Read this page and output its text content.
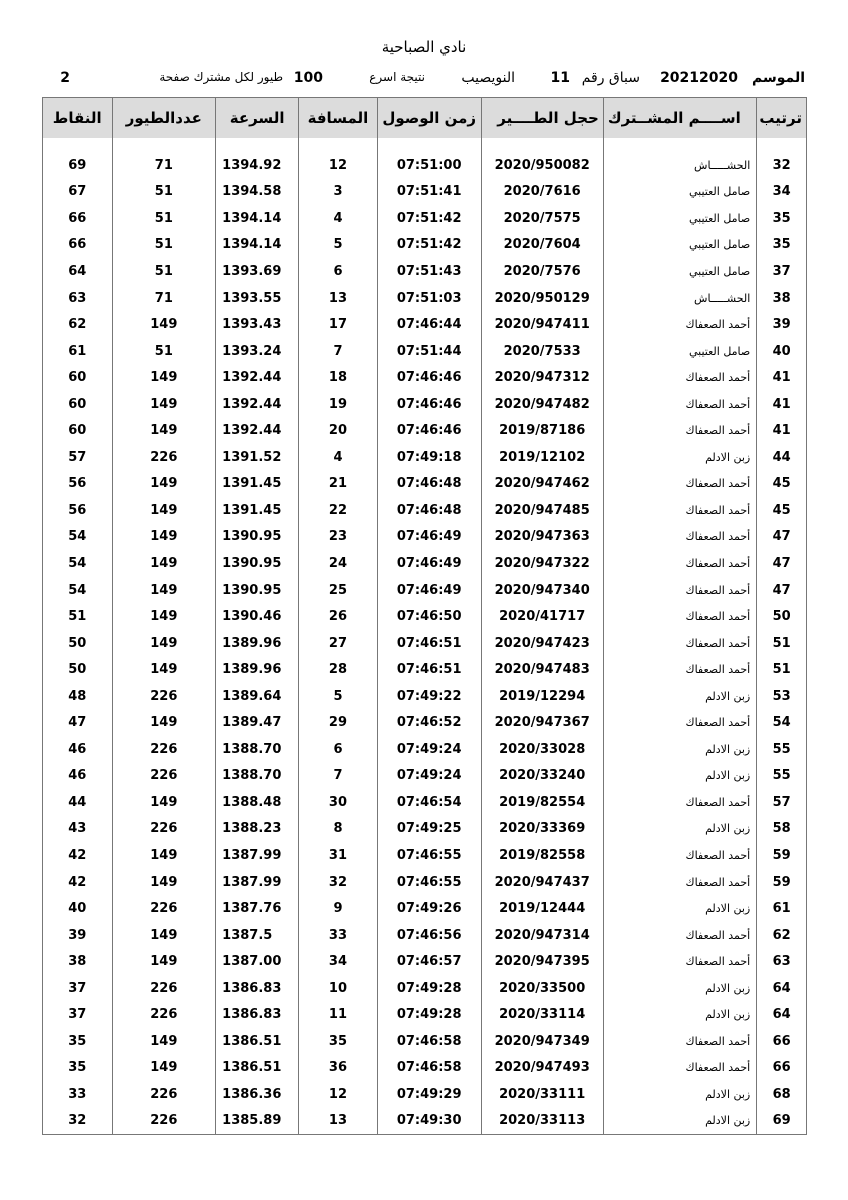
نادي الصباحية
الموسم
20212020
سباق رقم
11
النويصيب
نتيجة اسرع
100
طيور لكل مشترك صفحة
2
ترتيب	اســــم المشــترك	حجل الطــــير	زمن الوصول	المسافة	السرعة	عددالطيور	النقاط

32	الحشـــــاش	2020/950082	07:51:00	12	1394.92	71	69
34	صامل العتيبي	2020/7616	07:51:41	3	1394.58	51	67
35	صامل العتيبي	2020/7575	07:51:42	4	1394.14	51	66
35	صامل العتيبي	2020/7604	07:51:42	5	1394.14	51	66
37	صامل العتيبي	2020/7576	07:51:43	6	1393.69	51	64
38	الحشـــــاش	2020/950129	07:51:03	13	1393.55	71	63
39	أحمد الصعفاك	2020/947411	07:46:44	17	1393.43	149	62
40	صامل العتيبي	2020/7533	07:51:44	7	1393.24	51	61
41	أحمد الصعفاك	2020/947312	07:46:46	18	1392.44	149	60
41	أحمد الصعفاك	2020/947482	07:46:46	19	1392.44	149	60
41	أحمد الصعفاك	2019/87186	07:46:46	20	1392.44	149	60
44	زبن الادلم	2019/12102	07:49:18	4	1391.52	226	57
45	أحمد الصعفاك	2020/947462	07:46:48	21	1391.45	149	56
45	أحمد الصعفاك	2020/947485	07:46:48	22	1391.45	149	56
47	أحمد الصعفاك	2020/947363	07:46:49	23	1390.95	149	54
47	أحمد الصعفاك	2020/947322	07:46:49	24	1390.95	149	54
47	أحمد الصعفاك	2020/947340	07:46:49	25	1390.95	149	54
50	أحمد الصعفاك	2020/41717	07:46:50	26	1390.46	149	51
51	أحمد الصعفاك	2020/947423	07:46:51	27	1389.96	149	50
51	أحمد الصعفاك	2020/947483	07:46:51	28	1389.96	149	50
53	زبن الادلم	2019/12294	07:49:22	5	1389.64	226	48
54	أحمد الصعفاك	2020/947367	07:46:52	29	1389.47	149	47
55	زبن الادلم	2020/33028	07:49:24	6	1388.70	226	46
55	زبن الادلم	2020/33240	07:49:24	7	1388.70	226	46
57	أحمد الصعفاك	2019/82554	07:46:54	30	1388.48	149	44
58	زبن الادلم	2020/33369	07:49:25	8	1388.23	226	43
59	أحمد الصعفاك	2019/82558	07:46:55	31	1387.99	149	42
59	أحمد الصعفاك	2020/947437	07:46:55	32	1387.99	149	42
61	زبن الادلم	2019/12444	07:49:26	9	1387.76	226	40
62	أحمد الصعفاك	2020/947314	07:46:56	33	1387.5	149	39
63	أحمد الصعفاك	2020/947395	07:46:57	34	1387.00	149	38
64	زبن الادلم	2020/33500	07:49:28	10	1386.83	226	37
64	زبن الادلم	2020/33114	07:49:28	11	1386.83	226	37
66	أحمد الصعفاك	2020/947349	07:46:58	35	1386.51	149	35
66	أحمد الصعفاك	2020/947493	07:46:58	36	1386.51	149	35
68	زبن الادلم	2020/33111	07:49:29	12	1386.36	226	33
69	زبن الادلم	2020/33113	07:49:30	13	1385.89	226	32
